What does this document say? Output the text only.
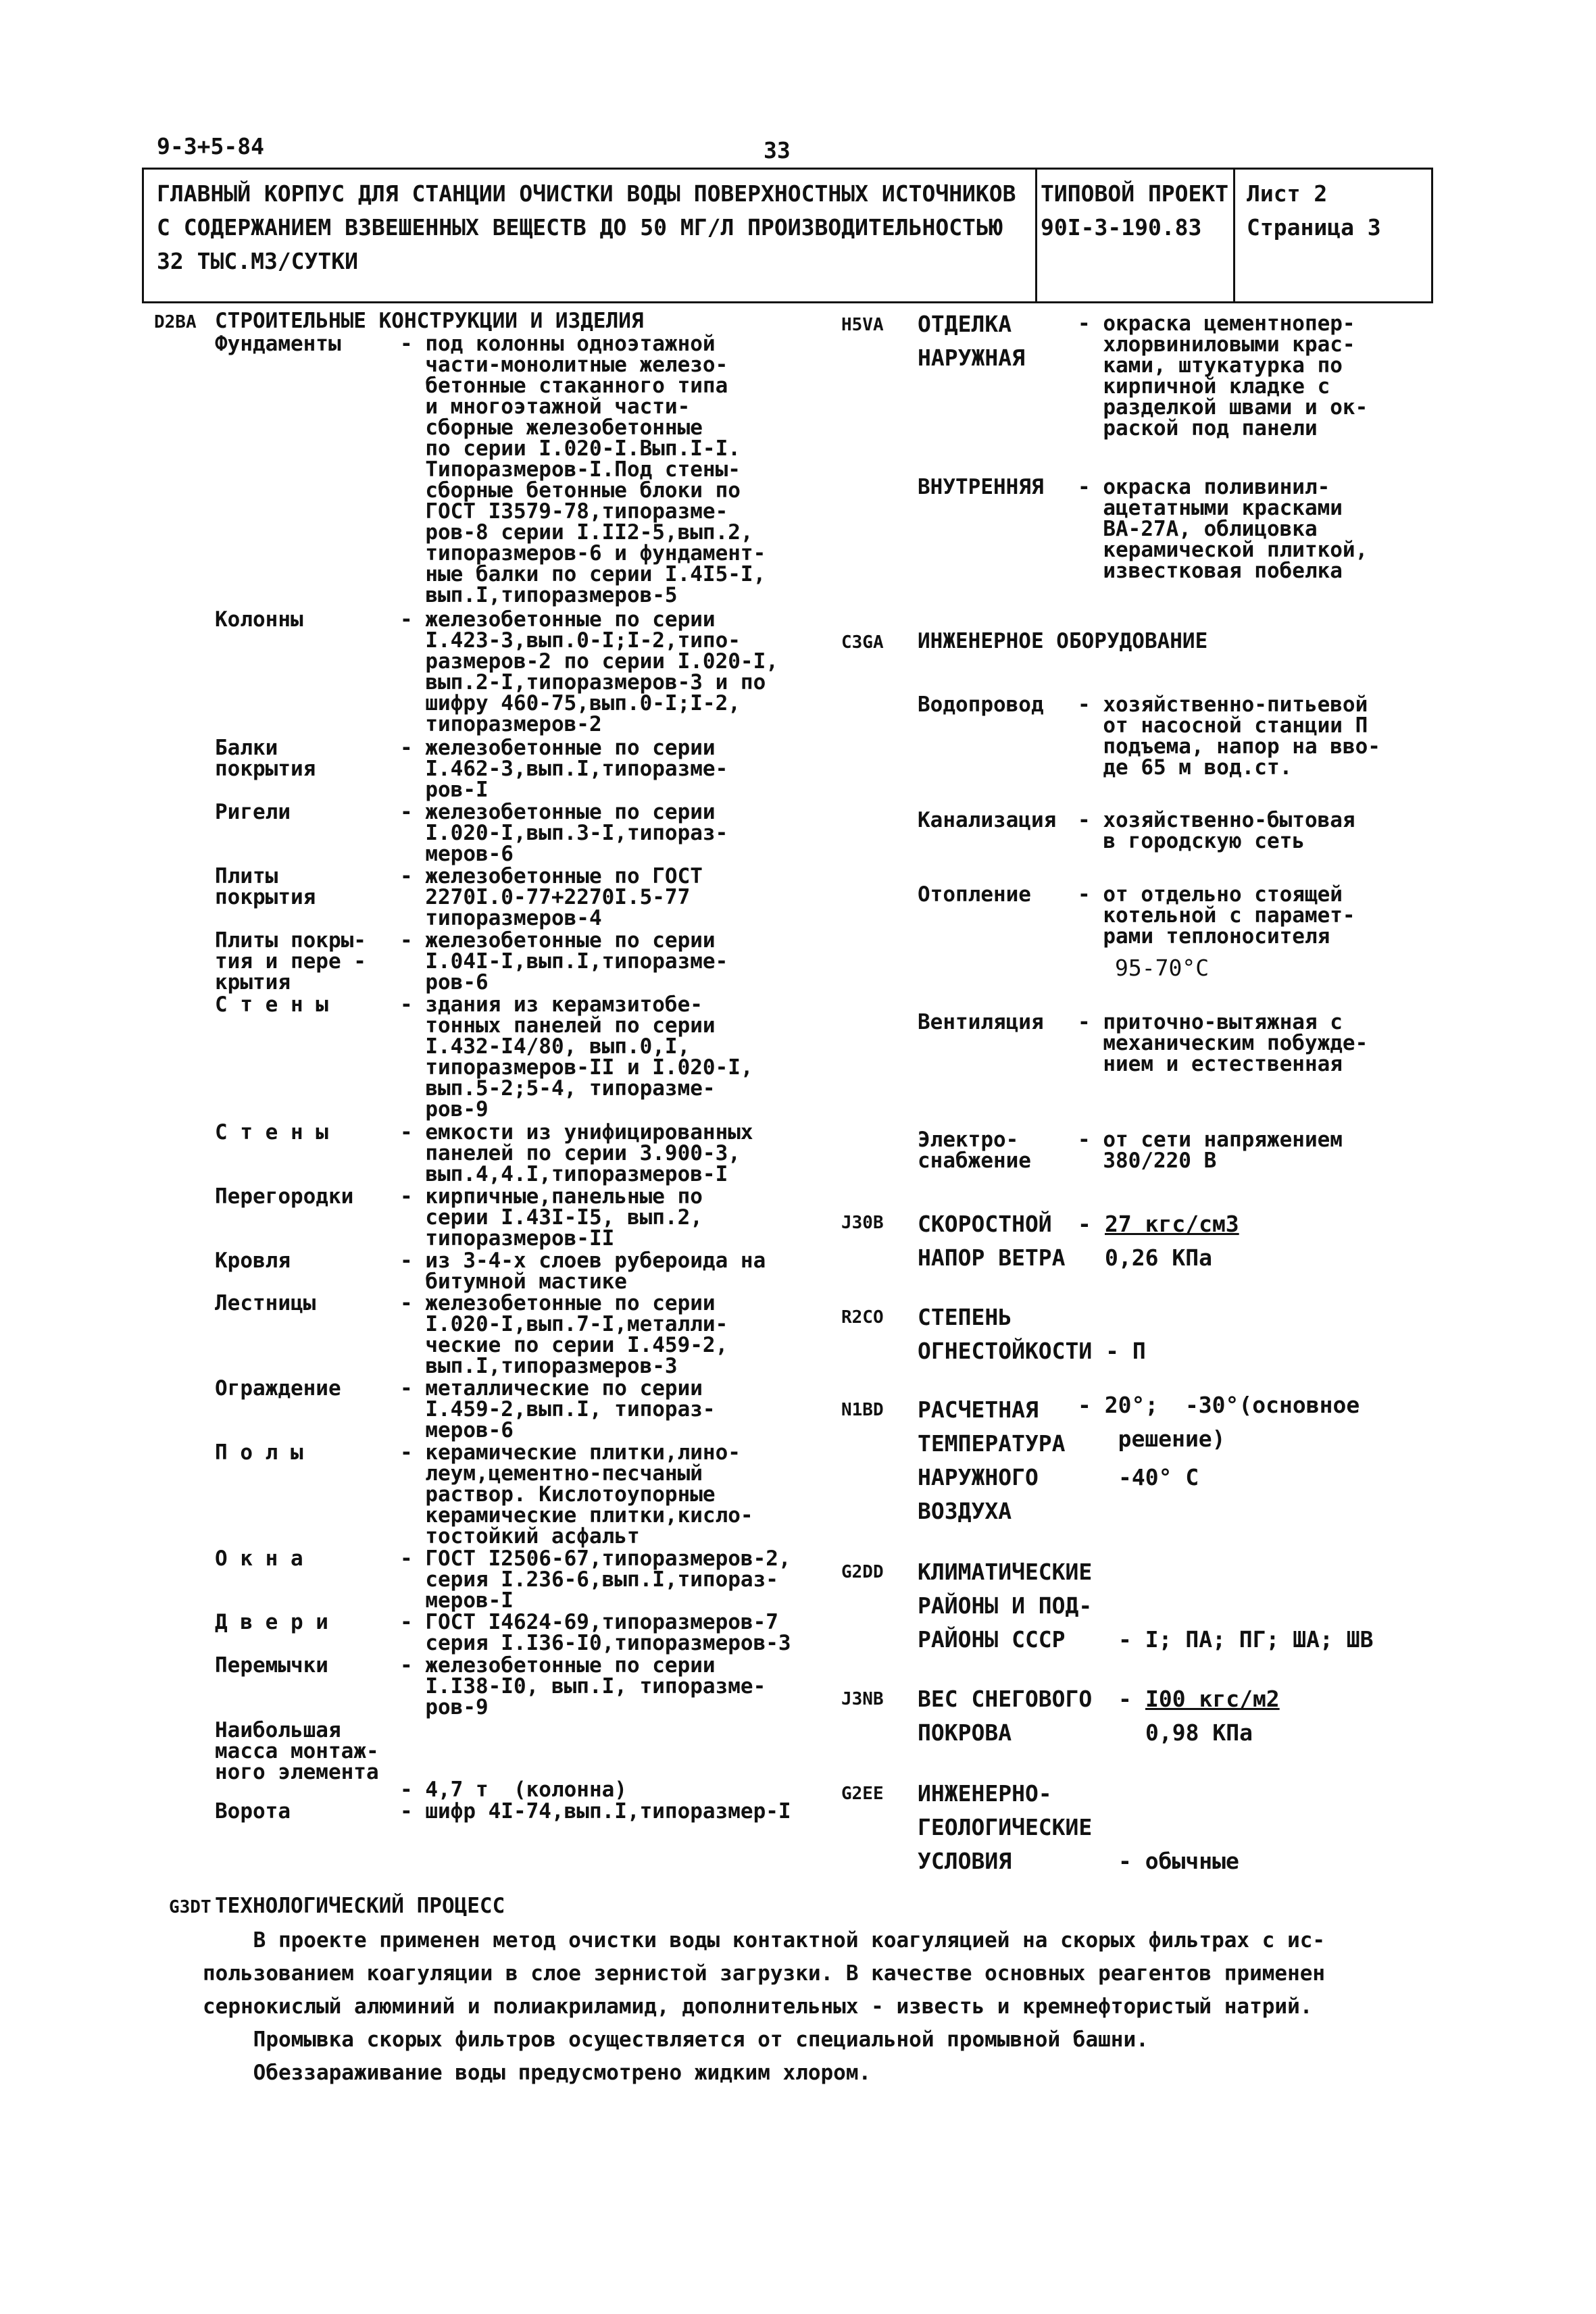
9-3+5-84	33
ГЛАВНЫЙ КОРПУС ДЛЯ СТАНЦИИ ОЧИСТКИ ВОДЫ ПОВЕРХНОСТНЫХ ИСТОЧНИКОВ
С СОДЕРЖАНИЕМ ВЗВЕШЕННЫХ ВЕЩЕСТВ ДО 50 МГ/Л ПРОИЗВОДИТЕЛЬНОСТЬЮ
32 ТЫС.М3/СУТКИ
ТИПОВОЙ ПРОЕКТ
90I-3-190.83
Лист 2
Страница 3
D2BA СТРОИТЕЛЬНЫЕ КОНСТРУКЦИИ И ИЗДЕЛИЯ
Фундаменты	- под колонны одноэтажной
части-монолитные железо-
бетонные стаканного типа
и многоэтажной части-
сборные железобетонные
по серии I.020-I.Вып.I-I.
Типоразмеров-I.Под стены-
сборные бетонные блоки по
ГОСТ I3579-78,типоразме-
ров-8 серии I.II2-5,вып.2,
типоразмеров-6 и фундамент-
ные балки по серии I.4I5-I,
вып.I,типоразмеров-5
Колонны	- железобетонные по серии
I.423-3,вып.0-I;I-2,типо-
размеров-2 по серии I.020-I,
вып.2-I,типоразмеров-3 и по
шифру 460-75,вып.0-I;I-2,
типоразмеров-2
Балки
покрытия
- железобетонные по серии
I.462-3,вып.I,типоразме-
ров-I
Ригели	- железобетонные по серии
I.020-I,вып.3-I,типораз-
меров-6
Плиты
покрытия
- железобетонные по ГОСТ
2270I.0-77+2270I.5-77
типоразмеров-4
Плиты покры-
тия и пере -
крытия
- железобетонные по серии
I.04I-I,вып.I,типоразме-
ров-6
С т е н ы	- здания из керамзитобе-
тонных панелей по серии
I.432-I4/80, вып.0,I,
типоразмеров-II и I.020-I,
вып.5-2;5-4, типоразме-
ров-9
С т е н ы	- емкости из унифицированных
панелей по серии 3.900-3,
вып.4,4.I,типоразмеров-I
Перегородки - кирпичные,панельные по
серии I.43I-I5, вып.2,
типоразмеров-II
Кровля	- из 3-4-х слоев рубероида на
битумной мастике
Лестницы	- железобетонные по серии
I.020-I,вып.7-I,металли-
ческие по серии I.459-2,
вып.I,типоразмеров-3
Ограждение	- металлические по серии
I.459-2,вып.I, типораз-
меров-6
П о л ы	- керамические плитки,лино-
леум,цементно-песчаный
раствор. Кислотоупорные
керамические плитки,кисло-
тостойкий асфальт
О к н а	- ГОСТ I2506-67,типоразмеров-2,
серия I.236-6,вып.I,типораз-
меров-I
Д в е р и	- ГОСТ I4624-69,типоразмеров-7
серия I.I36-I0,типоразмеров-3
Перемычки	- железобетонные по серии
I.I38-I0, вып.I, типоразме-
ров-9
Наибольшая
масса монтаж-
ного элемента
- 4,7 т  (колонна)
Ворота	- шифр 4I-74,вып.I,типоразмер-I
H5VA ОТДЕЛКА
НАРУЖНАЯ
- окраска цементнопер-
хлорвиниловыми крас-
ками, штукатурка по
кирпичной кладке с
разделкой швами и ок-
раской под панели
ВНУТРЕННЯЯ - окраска поливинил-
ацетатными красками
ВА-27А, облицовка
керамической плиткой,
известковая побелка
C3GA ИНЖЕНЕРНОЕ ОБОРУДОВАНИЕ
Водопровод - хозяйственно-питьевой
от насосной станции П
подъема, напор на вво-
де 65 м вод.ст.
Канализация - хозяйственно-бытовая
в городскую сеть
Отопление - от отдельно стоящей
котельной с парамет-
рами теплоносителя
95-70°С
Вентиляция - приточно-вытяжная с
механическим побужде-
нием и естественная
Электро-
снабжение
- от сети напряжением
380/220 В
J30B СКОРОСТНОЙ
НАПОР ВЕТРА
- 27 кгс/см3
0,26 КПа
R2CO СТЕПЕНЬ
ОГНЕСТОЙКОСТИ - П
N1BD РАСЧЕТНАЯ
ТЕМПЕРАТУРА
НАРУЖНОГО
ВОЗДУХА
- 20°;  -30°(основное
решение)
-40° С
G2DD КЛИМАТИЧЕСКИЕ
РАЙОНЫ И ПОД-
РАЙОНЫ СССР	- I; ПА; ПГ; ША; ШВ
J3NB ВЕС СНЕГОВОГО
ПОКРОВА
- I00 кгс/м2
0,98 КПа
G2EE ИНЖЕНЕРНО-
ГЕОЛОГИЧЕСКИЕ
УСЛОВИЯ	- обычные
G3DT ТЕХНОЛОГИЧЕСКИЙ ПРОЦЕСС
В проекте применен метод очистки воды контактной коагуляцией на скорых фильтрах с ис-
пользованием коагуляции в слое зернистой загрузки. В качестве основных реагентов применен
сернокислый алюминий и полиакриламид, дополнительных - известь и кремнефтористый натрий.
Промывка скорых фильтров осуществляется от специальной промывной башни.
Обеззараживание воды предусмотрено жидким хлором.
